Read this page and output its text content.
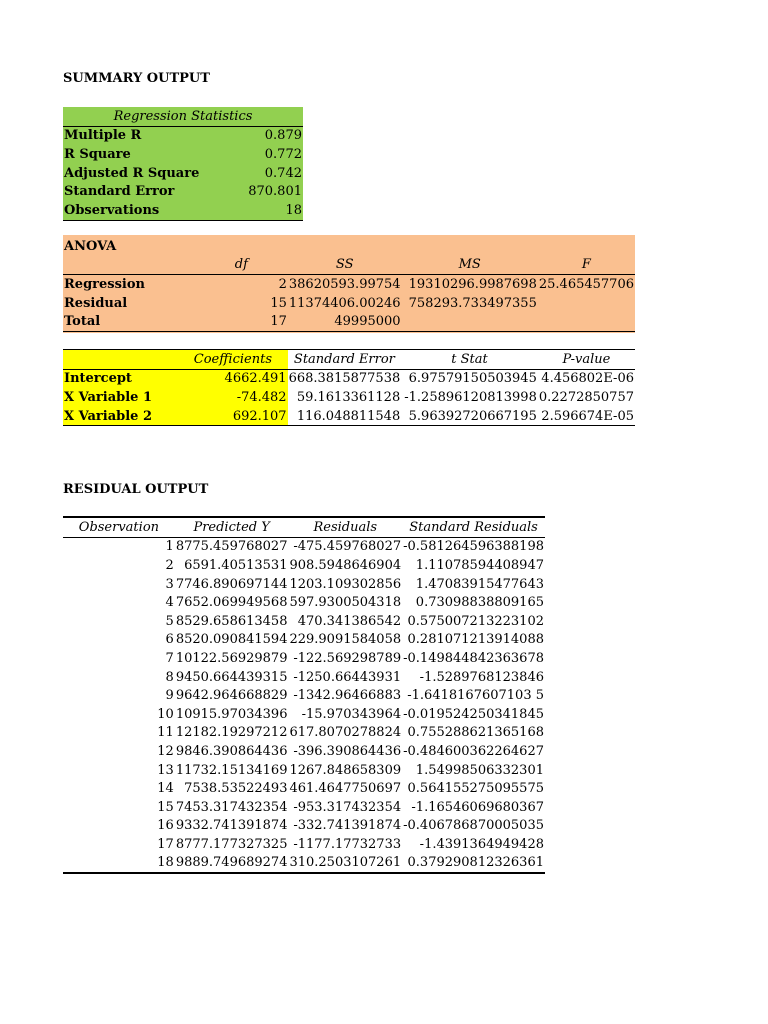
SUMMARY OUTPUT
Regression Statistics	
Multiple R	0.879
R Square	0.772
Adjusted R Square	0.742
Standard Error	870.801
Observations	18
ANOVA				
	df	SS	MS	F
Regression	2	38620593.99754	19310296.9987698	25.465457706
Residual	15	11374406.00246	758293.733497355	
Total	17	49995000		
	Coefficients	Standard Error	t Stat	P-value
Intercept	4662.491	668.3815877538	6.97579150503945	4.456802E-06
X Variable 1	-74.482	59.1613361128	-1.25896120813998	0.2272850757
X Variable 2	692.107	116.048811548	5.96392720667195	2.596674E-05
RESIDUAL OUTPUT
Observation	Predicted Y	Residuals	Standard Residuals
1	8775.459768027	-475.459768027	-0.581264596388198
2	6591.40513531	908.5948646904	1.11078594408947
3	7746.890697144	1203.109302856	1.47083915477643
4	7652.069949568	597.9300504318	0.73098838809165
5	8529.658613458	470.341386542	0.575007213223102
6	8520.090841594	229.9091584058	0.281071213914088
7	10122.56929879	-122.569298789	-0.149844842363678
8	9450.664439315	-1250.66443931	-1.5289768123846
9	9642.964668829	-1342.96466883	-1.6418167607103 5
10	10915.97034396	-15.970343964	-0.019524250341845
11	12182.19297212	617.8070278824	0.755288621365168
12	9846.390864436	-396.390864436	-0.484600362264627
13	11732.15134169	1267.848658309	1.54998506332301
14	7538.53522493	461.4647750697	0.564155275095575
15	7453.317432354	-953.317432354	-1.16546069680367
16	9332.741391874	-332.741391874	-0.406786870005035
17	8777.177327325	-1177.17732733	-1.4391364949428
18	9889.749689274	310.2503107261	0.379290812326361
